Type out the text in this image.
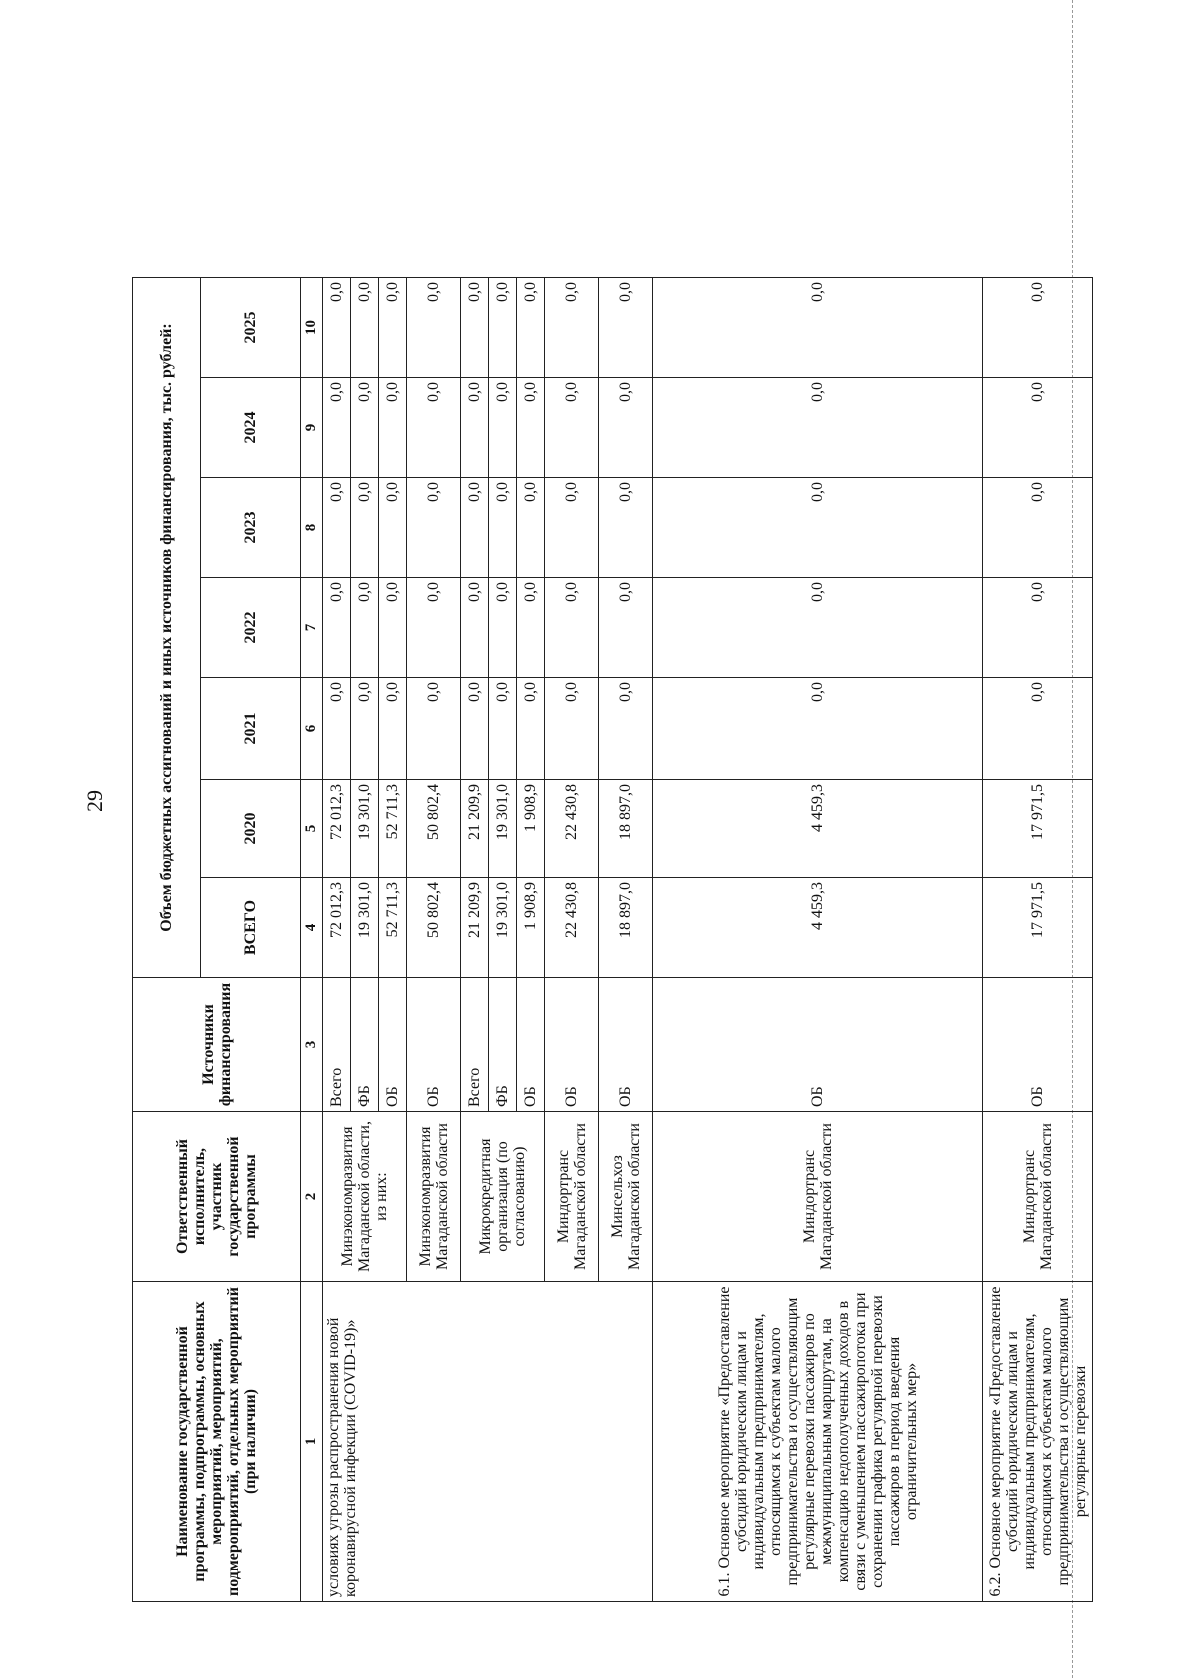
29
Наименование государственной программы, подпрограммы, основных мероприятий, мероприятий, подмероприятий, отдельных мероприятий (при наличии)	Ответственный исполнитель, участник государственной программы	Источники финансирования	Объем бюджетных ассигнований и иных источников финансирования, тыс. рублей:						
			ВСЕГО	2020	2021	2022	2023	2024	2025
1	2	3	4	5	6	7	8	9	10
условиях угрозы распространения новой коронавирусной инфекции (COVID-19)»	Минэкономразвития Магаданской области, из них:	Всего	72 012,3	72 012,3	0,0	0,0	0,0	0,0	0,0
		ФБ	19 301,0	19 301,0	0,0	0,0	0,0	0,0	0,0
		ОБ	52 711,3	52 711,3	0,0	0,0	0,0	0,0	0,0
	Минэкономразвития Магаданской области	ОБ	50 802,4	50 802,4	0,0	0,0	0,0	0,0	0,0
	Микрокредитная организация (по согласованию)	Всего	21 209,9	21 209,9	0,0	0,0	0,0	0,0	0,0
		ФБ	19 301,0	19 301,0	0,0	0,0	0,0	0,0	0,0
		ОБ	1 908,9	1 908,9	0,0	0,0	0,0	0,0	0,0
	Миндортранс Магаданской области	ОБ	22 430,8	22 430,8	0,0	0,0	0,0	0,0	0,0
	Минсельхоз Магаданской области	ОБ	18 897,0	18 897,0	0,0	0,0	0,0	0,0	0,0
6.1. Основное мероприятие «Предоставление субсидий юридическим лицам и индивидуальным предпринимателям, относящимся к субъектам малого предпринимательства и осуществляющим регулярные перевозки пассажиров по межмуниципальным маршрутам, на компенсацию недополученных доходов в связи с уменьшением пассажиропотока при сохранении графика регулярной перевозки пассажиров в период введения ограничительных мер»	Миндортранс Магаданской области	ОБ	4 459,3	4 459,3	0,0	0,0	0,0	0,0	0,0
6.2. Основное мероприятие «Предоставление субсидий юридическим лицам и индивидуальным предпринимателям, относящимся к субъектам малого предпринимательства и осуществляющим регулярные перевозки	Миндортранс Магаданской области	ОБ	17 971,5	17 971,5	0,0	0,0	0,0	0,0	0,0
